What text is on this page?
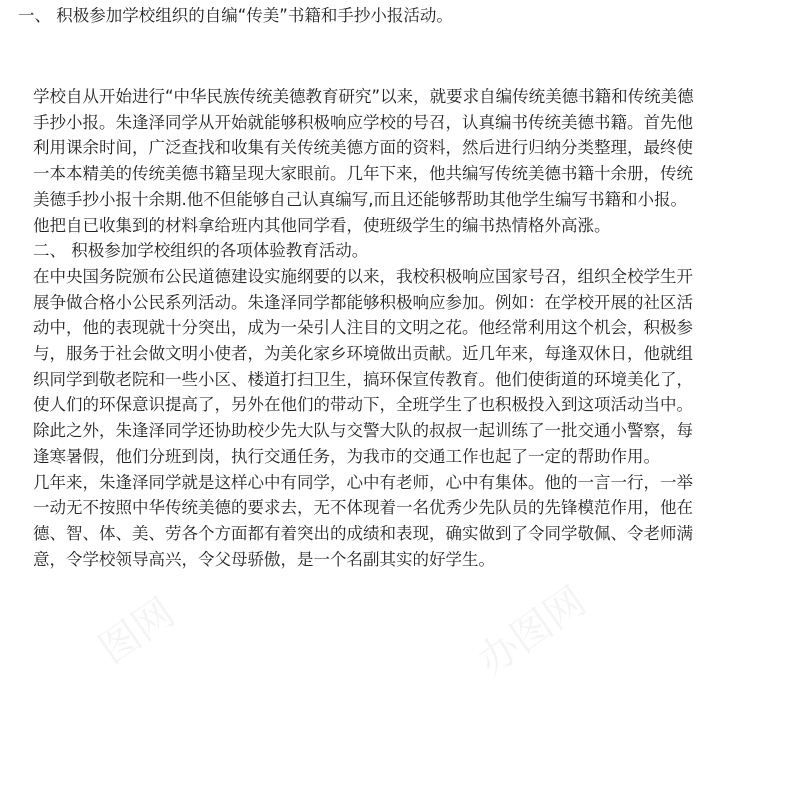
图网	办图网
一、 积极参加学校组织的自编“传美”书籍和手抄小报活动。

学校自从开始进行“中华民族传统美德教育研究”以来，就要求自编传统美德书籍和传统美德
手抄小报。朱逢泽同学从开始就能够积极响应学校的号召，认真编书传统美德书籍。首先他
利用课余时间，广泛查找和收集有关传统美德方面的资料，然后进行归纳分类整理，最终使
一本本精美的传统美德书籍呈现大家眼前。几年下来，他共编写传统美德书籍十余册，传统
美德手抄小报十余期.他不但能够自己认真编写,而且还能够帮助其他学生编写书籍和小报。
他把自已收集到的材料拿给班内其他同学看，使班级学生的编书热情格外高涨。

二、 积极参加学校组织的各项体验教育活动。

在中央国务院颁布公民道德建设实施纲要的以来，我校积极响应国家号召，组织全校学生开
展争做合格小公民系列活动。朱逢泽同学都能够积极响应参加。例如：在学校开展的社区活
动中，他的表现就十分突出，成为一朵引人注目的文明之花。他经常利用这个机会，积极参
与，服务于社会做文明小使者，为美化家乡环境做出贡献。近几年来，每逢双休日，他就组
织同学到敬老院和一些小区、楼道打扫卫生，搞环保宣传教育。他们使街道的环境美化了，
使人们的环保意识提高了，另外在他们的带动下，全班学生了也积极投入到这项活动当中。
除此之外，朱逢泽同学还协助校少先大队与交警大队的叔叔一起训练了一批交通小警察，每
逢寒暑假，他们分班到岗，执行交通任务，为我市的交通工作也起了一定的帮助作用。

几年来，朱逢泽同学就是这样心中有同学，心中有老师，心中有集体。他的一言一行，一举
一动无不按照中华传统美德的要求去，无不体现着一名优秀少先队员的先锋模范作用，他在
德、智、体、美、劳各个方面都有着突出的成绩和表现，确实做到了令同学敬佩、令老师满
意，令学校领导高兴，令父母骄傲，是一个名副其实的好学生。
